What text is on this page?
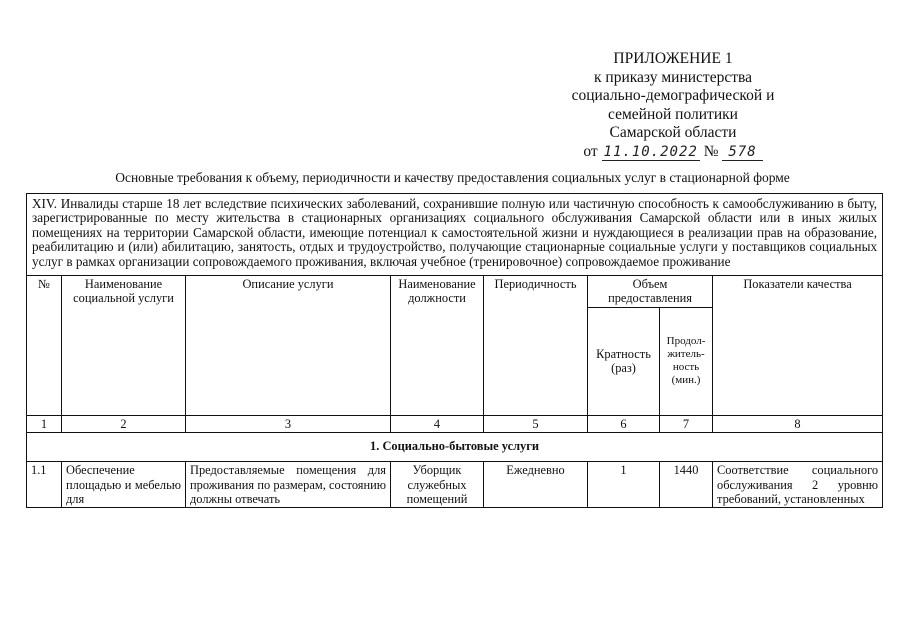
ПРИЛОЖЕНИЕ 1
к приказу министерства
социально-демографической и
семейной политики
Самарской области
от 11.10.2022 № 578
Основные требования к объему, периодичности и качеству предоставления социальных услуг в стационарной форме
XIV. Инвалиды старше 18 лет вследствие психических заболеваний, сохранившие полную или частичную способность к самообслуживанию в быту, зарегистрированные по месту жительства в стационарных организациях социального обслуживания Самарской области или в иных жилых помещениях на территории Самарской области, имеющие потенциал к самостоятельной жизни и нуждающиеся в реализации прав на образование, реабилитацию и (или) абилитацию, занятость, отдых и трудоустройство, получающие стационарные социальные услуги у поставщиков социальных услуг в рамках организации сопровождаемого проживания, включая учебное (тренировочное) сопровождаемое проживание							
№	Наименование социальной услуги	Описание услуги	Наименование должности	Периодичность	Объем предоставления		Показатели качества
					Кратность (раз)	Продол-житель-ность (мин.)	
1	2	3	4	5	6	7	8
1. Социально-бытовые услуги							
1.1	Обеспечение площадью и мебелью для	Предоставляемые помещения для проживания по размерам, состоянию должны отвечать	Уборщик служебных помещений	Ежедневно	1	1440	Соответствие социального обслуживания 2 уровню требований, установленных
